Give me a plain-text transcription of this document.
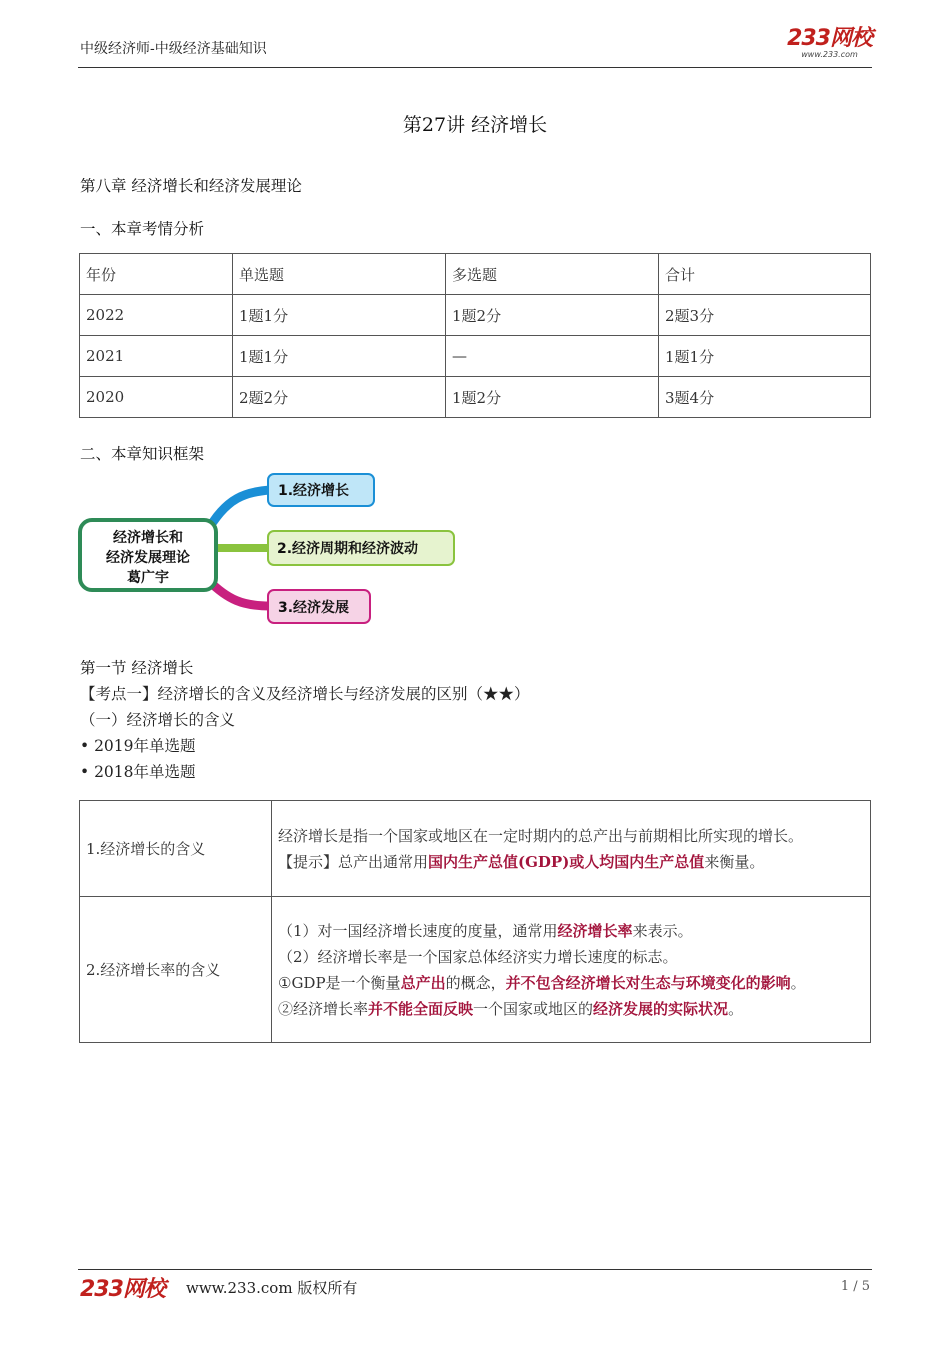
中级经济师-中级经济基础知识	233网校
www.233.com
第27讲 经济增长
第八章 经济增长和经济发展理论
一、本章考情分析
年份	单选题	多选题	合计
2022	1题1分	1题2分	2题3分
2021	1题1分	—	1题1分
2020	2题2分	1题2分	3题4分
二、本章知识框架
经济增长和
经济发展理论
葛广宇
1.经济增长
2.经济周期和经济波动
3.经济发展
第一节 经济增长
【考点一】经济增长的含义及经济增长与经济发展的区别（★★）
（一）经济增长的含义
• 2019年单选题
• 2018年单选题
1.经济增长的含义	经济增长是指一个国家或地区在一定时期内的总产出与前期相比所实现的增长。
【提示】总产出通常用国内生产总值(GDP)或人均国内生产总值来衡量。

2.经济增长率的含义	（1）对一国经济增长速度的度量，通常用经济增长率来表示。
（2）经济增长率是一个国家总体经济实力增长速度的标志。
①GDP是一个衡量总产出的概念，并不包含经济增长对生态与环境变化的影响。
②经济增长率并不能全面反映一个国家或地区的经济发展的实际状况。
233网校 www.233.com 版权所有	1 / 5
